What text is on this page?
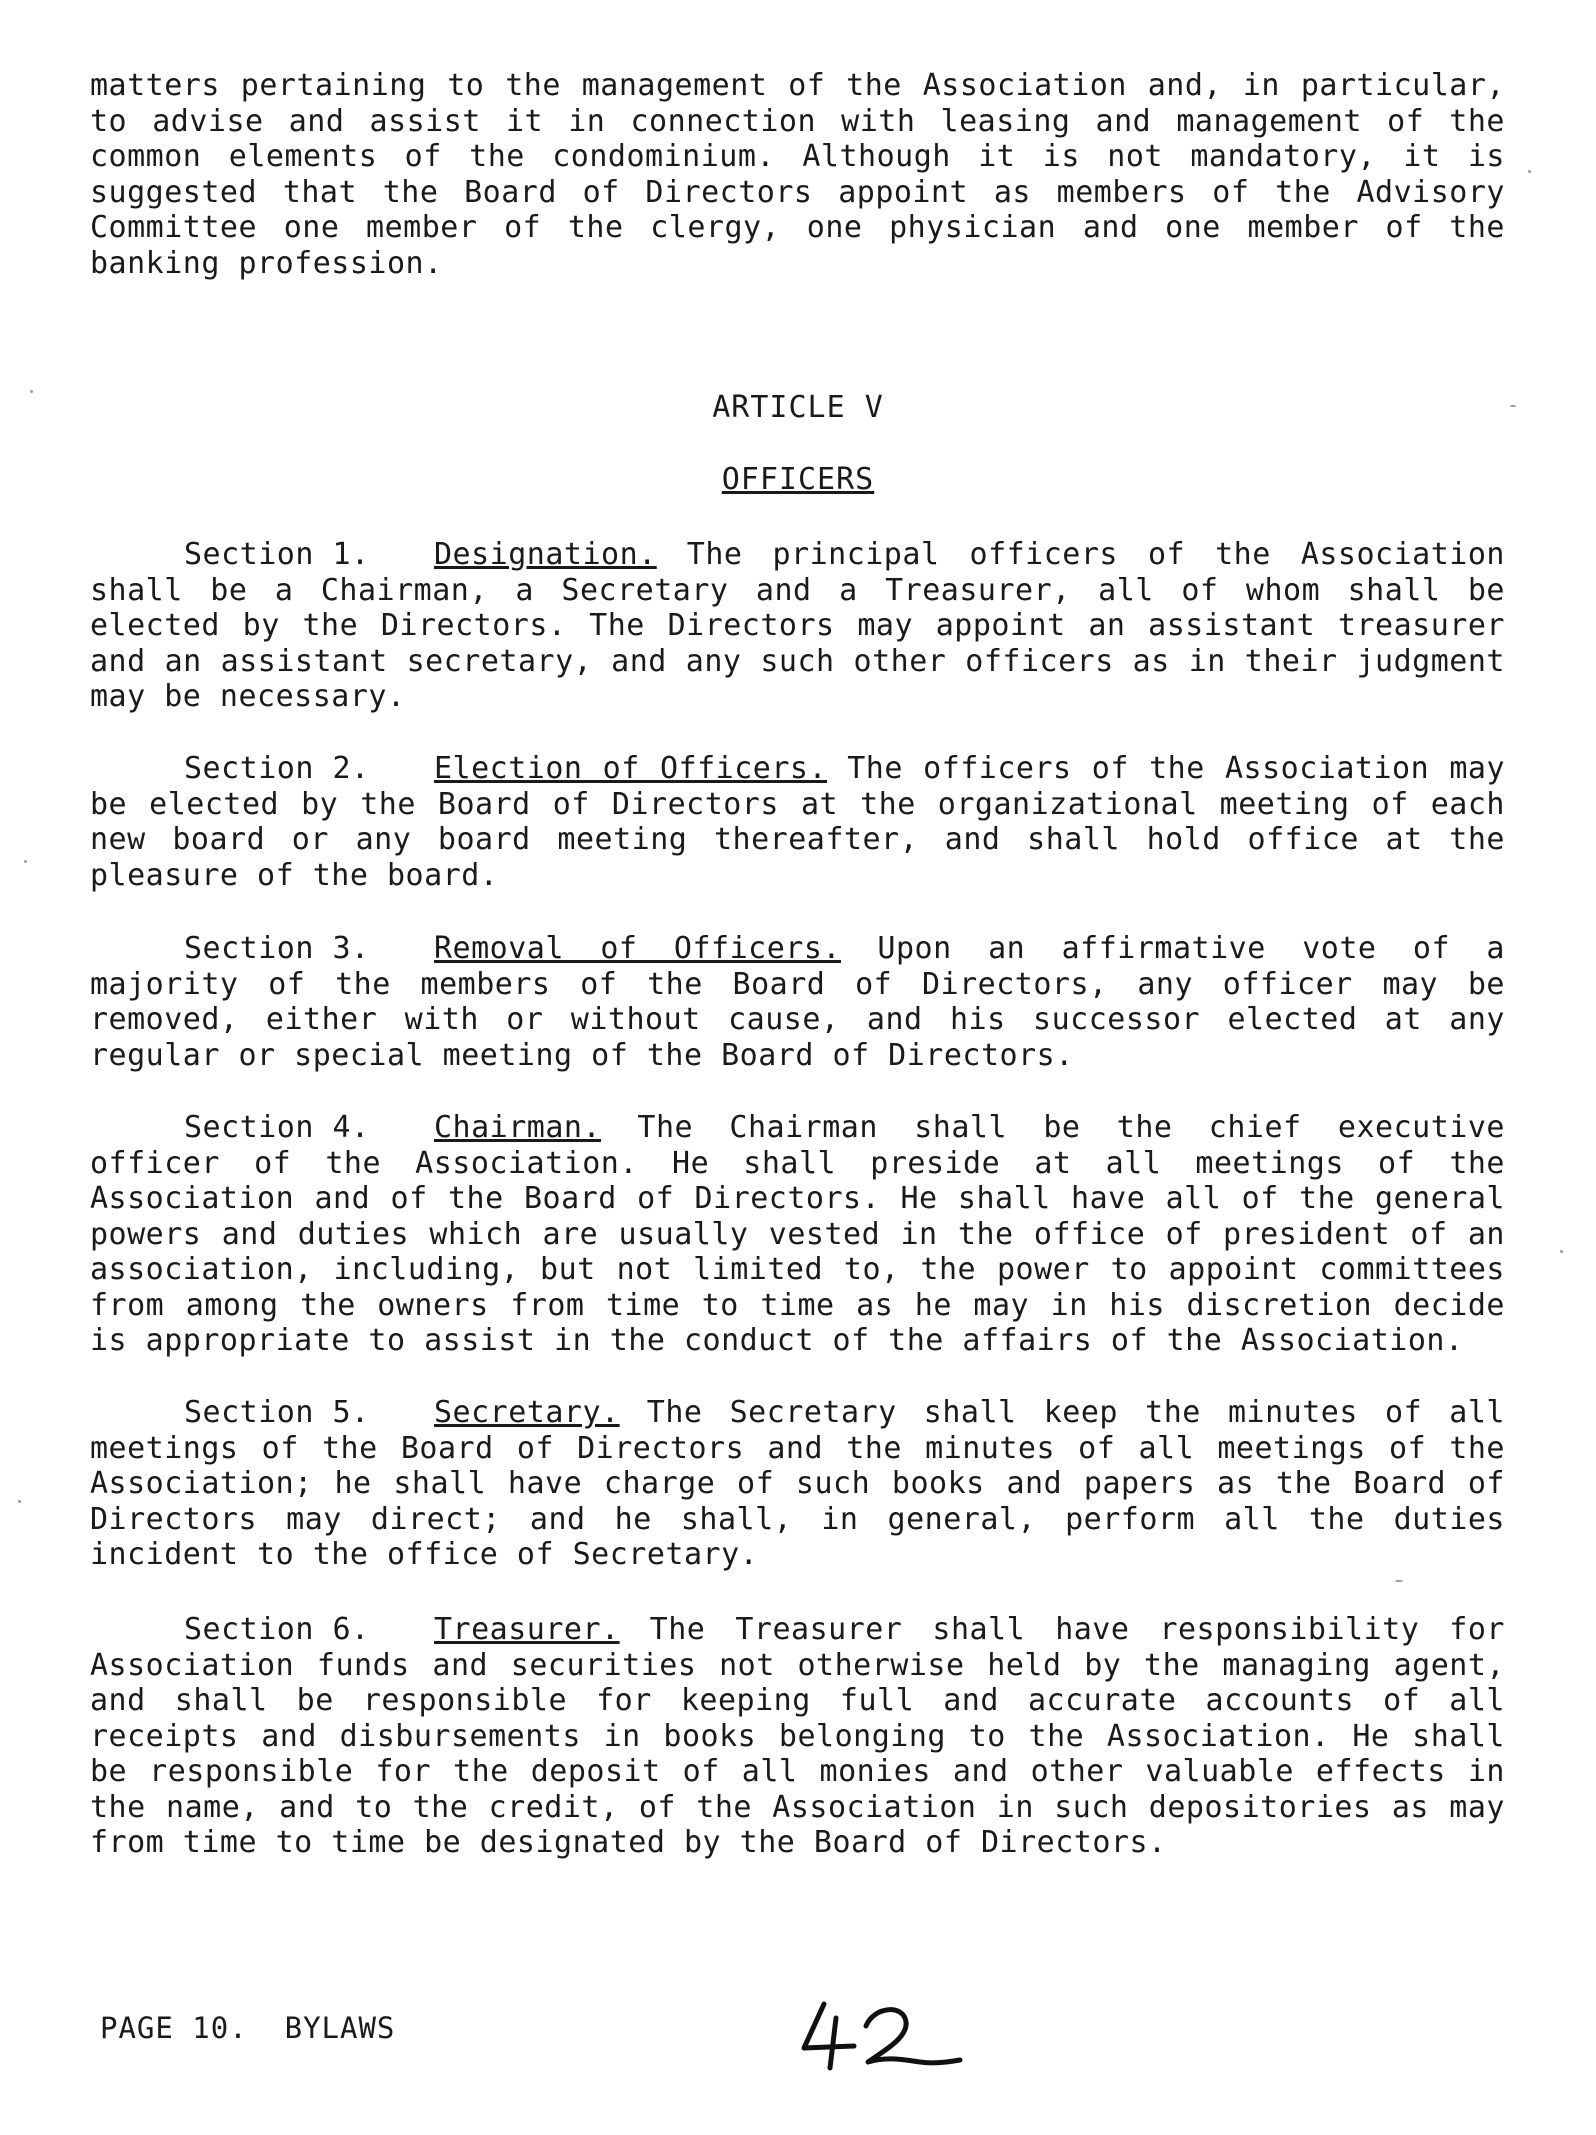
matters pertaining to the management of the Association and, in particular, to advise and assist it in connection with leasing and management of the common elements of the condominium. Although it is not mandatory, it is suggested that the Board of Directors appoint as members of the Advisory Committee one member of the clergy, one physician and one member of the banking profession.
ARTICLE V
OFFICERS
Section 1. Designation. The principal officers of the Association shall be a Chairman, a Secretary and a Treasurer, all of whom shall be elected by the Directors. The Directors may appoint an assistant treasurer and an assistant secretary, and any such other officers as in their judgment may be necessary.
Section 2. Election of Officers. The officers of the Association may be elected by the Board of Directors at the organizational meeting of each new board or any board meeting thereafter, and shall hold office at the pleasure of the board.
Section 3. Removal of Officers. Upon an affirmative vote of a majority of the members of the Board of Directors, any officer may be removed, either with or without cause, and his successor elected at any regular or special meeting of the Board of Directors.
Section 4. Chairman. The Chairman shall be the chief executive officer of the Association. He shall preside at all meetings of the Association and of the Board of Directors. He shall have all of the general powers and duties which are usually vested in the office of president of an association, including, but not limited to, the power to appoint committees from among the owners from time to time as he may in his discretion decide is appropriate to assist in the conduct of the affairs of the Association.
Section 5. Secretary. The Secretary shall keep the minutes of all meetings of the Board of Directors and the minutes of all meetings of the Association; he shall have charge of such books and papers as the Board of Directors may direct; and he shall, in general, perform all the duties incident to the office of Secretary.
Section 6. Treasurer. The Treasurer shall have responsibility for Association funds and securities not otherwise held by the managing agent, and shall be responsible for keeping full and accurate accounts of all receipts and disbursements in books belonging to the Association. He shall be responsible for the deposit of all monies and other valuable effects in the name, and to the credit, of the Association in such depositories as may from time to time be designated by the Board of Directors.
PAGE 10. BYLAWS
